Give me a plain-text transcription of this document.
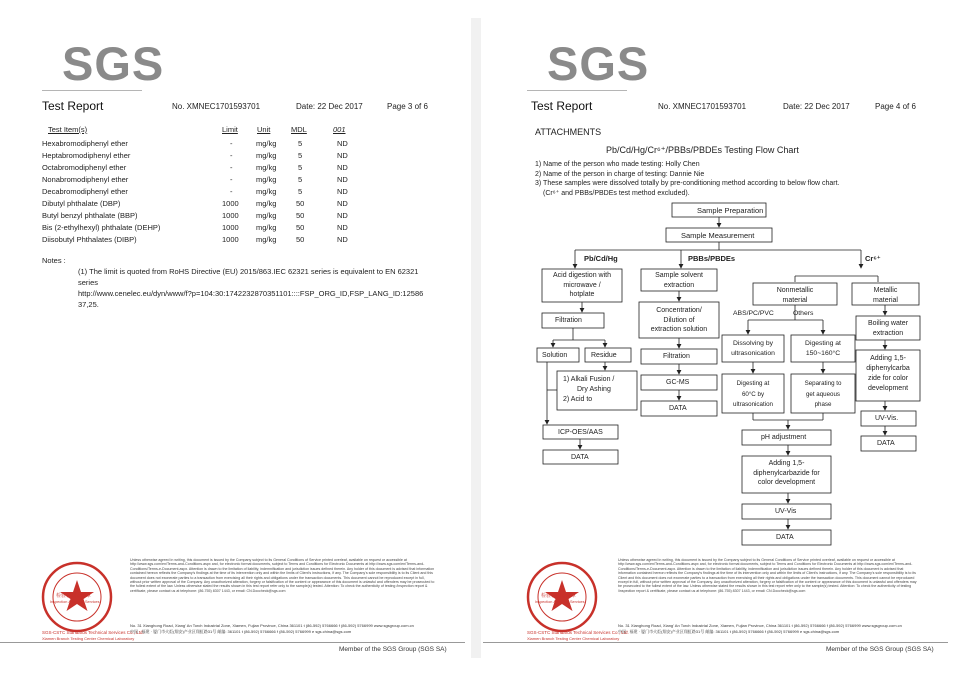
SGS
Test Report	No. XMNEC1701593701	Date: 22 Dec 2017	Page 3 of 6
Test Item(s)	Limit	Unit	MDL	001
Hexabromodiphenyl ether	-	mg/kg	5	ND
Heptabromodiphenyl ether	-	mg/kg	5	ND
Octabromodiphenyl ether	-	mg/kg	5	ND
Nonabromodiphenyl ether	-	mg/kg	5	ND
Decabromodiphenyl ether	-	mg/kg	5	ND
Dibutyl phthalate (DBP)	1000 mg/kg	50	ND
Butyl benzyl phthalate (BBP)	1000 mg/kg	50	ND
Bis (2-ethylhexyl) phthalate (DEHP)	1000 mg/kg	50	ND
Diisobutyl Phthalates (DIBP)	1000 mg/kg	50	ND
Notes :
(1) The limit is quoted from RoHS Directive (EU) 2015/863.IEC 62321 series is equivalent to EN 62321
series
http://www.cenelec.eu/dyn/www/f?p=104:30:1742232870351101::::FSP_ORG_ID,FSP_LANG_ID:12586
37,25.
检验检测专用章
Inspection & Testing Services
Unless otherwise agreed in writing, this document is issued by the Company subject to its General Conditions of Service printed overleaf, available on request or accessible at http://www.sgs.com/en/Terms-and-Conditions.aspx and, for electronic format documents, subject to Terms and Conditions for Electronic Documents at http://www.sgs.com/en/Terms-and-Conditions/Terms-e-Document.aspx. Attention is drawn to the limitation of liability, indemnification and jurisdiction issues defined therein. Any holder of this document is advised that information contained hereon reflects the Company's findings at the time of its intervention only and within the limits of Client's instructions, if any. The Company's sole responsibility is to its Client and this document does not exonerate parties to a transaction from exercising all their rights and obligations under the transaction documents. This document cannot be reproduced except in full, without prior written approval of the Company. Any unauthorized alteration, forgery or falsification of the content or appearance of this document is unlawful and offenders may be prosecuted to the fullest extent of the law. Unless otherwise stated the results shown in this test report refer only to the sample(s) tested. Attention: To check the authenticity of testing /inspection report & certificate, please contact us at telephone: (86-755) 8307 1443, or email: CN.Doccheck@sgs.com
SGS-CSTC Standards Technical Services Co., Ltd.
Xiamen Branch Testing Center Chemical Laboratory
No. 31 Xianghong Road, Xiang' An Torch Industrial Zone, Xiamen, Fujian Province, China 361101 t (86-592) 5766666 f (86-592) 5766999 www.sgsgroup.com.cn
中国 · 福建 · 厦门市火炬(翔安)产业区翔虹路31号 邮编: 361101 t (86-592) 5766666 f (86-592) 5766999 e sgs.china@sgs.com
Member of the SGS Group (SGS SA)
SGS
Test Report	No. XMNEC1701593701	Date: 22 Dec 2017	Page 4 of 6
ATTACHMENTS
Pb/Cd/Hg/Cr⁶⁺/PBBs/PBDEs Testing Flow Chart
1) Name of the person who made testing: Holly Chen
2) Name of the person in charge of testing: Dannie Nie
3) These samples were dissolved totally by pre-conditioning method according to below flow chart.
(Cr⁶⁺ and PBBs/PBDEs test method excluded).
Sample Preparation
Sample Measurement
Pb/Cd/Hg	PBBs/PBDEs	Cr⁶⁺
Acid digestion with
microwave /
hotplate
Filtration
Solution	Residue
1) Alkali Fusion /
Dry Ashing
2) Acid to
ICP-OES/AAS
DATA
Sample solvent
extraction
Concentration/
Dilution of
extraction solution
Filtration
GC-MS
DATA
Nonmetallic
material
ABS/PC/PVC	Others
Dissolving by
ultrasonication
Digesting at
150~160°C
Digesting at
60°C by
ultrasonication
Separating to
get aqueous
phase
pH adjustment
Adding 1,5-
diphenylcarbazide for
color development
UV-Vis
DATA
Metallic
material
Boiling water
extraction
Adding 1,5-
diphenylcarba
zide for color
development
UV-Vis.
DATA
检验检测专用章
Inspection & Testing Services
Unless otherwise agreed in writing, this document is issued by the Company subject to its General Conditions of Service printed overleaf, available on request or accessible at http://www.sgs.com/en/Terms-and-Conditions.aspx and, for electronic format documents, subject to Terms and Conditions for Electronic Documents at http://www.sgs.com/en/Terms-and-Conditions/Terms-e-Document.aspx. Attention is drawn to the limitation of liability, indemnification and jurisdiction issues defined therein. Any holder of this document is advised that information contained hereon reflects the Company's findings at the time of its intervention only and within the limits of Client's instructions, if any. The Company's sole responsibility is to its Client and this document does not exonerate parties to a transaction from exercising all their rights and obligations under the transaction documents. This document cannot be reproduced except in full, without prior written approval of the Company. Any unauthorized alteration, forgery or falsification of the content or appearance of this document is unlawful and offenders may be prosecuted to the fullest extent of the law. Unless otherwise stated the results shown in this test report refer only to the sample(s) tested. Attention: To check the authenticity of testing /inspection report & certificate, please contact us at telephone: (86-755) 8307 1443, or email: CN.Doccheck@sgs.com
SGS-CSTC Standards Technical Services Co., Ltd.
Xiamen Branch Testing Center Chemical Laboratory
No. 31 Xianghong Road, Xiang' An Torch Industrial Zone, Xiamen, Fujian Province, China 361101 t (86-592) 5766666 f (86-592) 5766999 www.sgsgroup.com.cn
中国 · 福建 · 厦门市火炬(翔安)产业区翔虹路31号 邮编: 361101 t (86-592) 5766666 f (86-592) 5766999 e sgs.china@sgs.com
Member of the SGS Group (SGS SA)
